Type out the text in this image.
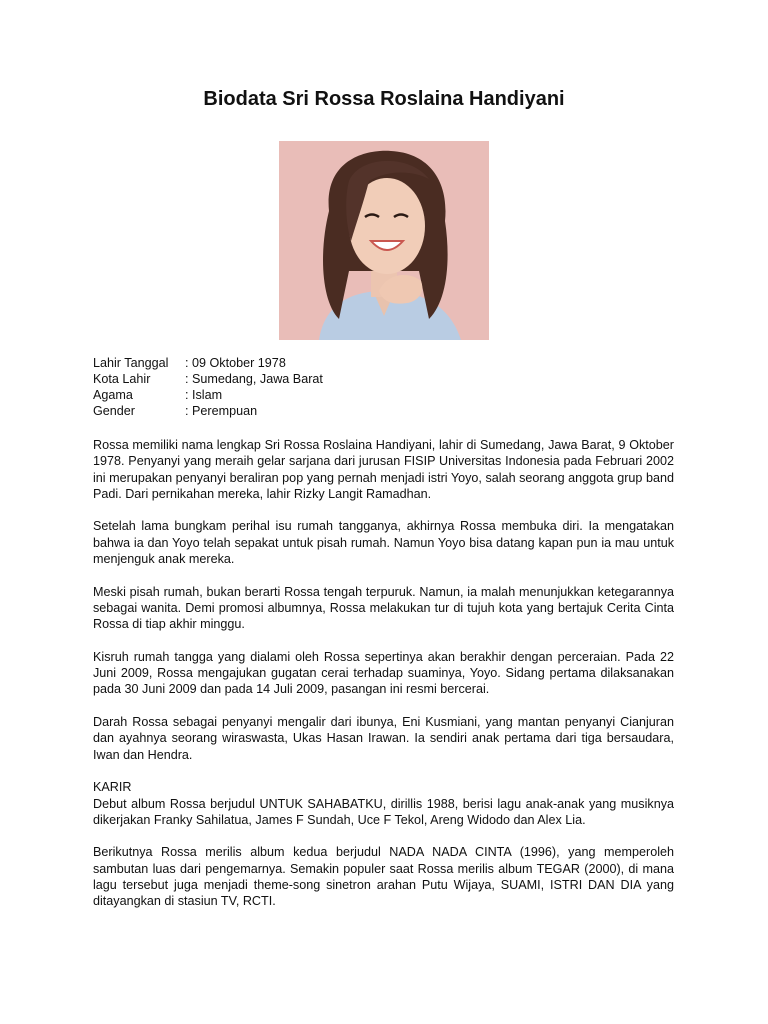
Biodata Sri Rossa Roslaina Handiyani
Lahir Tanggal	: 09 Oktober 1978
Kota Lahir	: Sumedang, Jawa Barat
Agama	: Islam
Gender	: Perempuan

Rossa memiliki nama lengkap Sri Rossa Roslaina Handiyani, lahir di Sumedang, Jawa Barat, 9 Oktober 1978. Penyanyi yang meraih gelar sarjana dari jurusan FISIP Universitas Indonesia pada Februari 2002 ini merupakan penyanyi beraliran pop yang pernah menjadi istri Yoyo, salah seorang anggota grup band Padi. Dari pernikahan mereka, lahir Rizky Langit Ramadhan.

Setelah lama bungkam perihal isu rumah tangganya, akhirnya Rossa membuka diri. Ia mengatakan bahwa ia dan Yoyo telah sepakat untuk pisah rumah. Namun Yoyo bisa datang kapan pun ia mau untuk menjenguk anak mereka.

Meski pisah rumah, bukan berarti Rossa tengah terpuruk. Namun, ia malah menunjukkan ketegarannya sebagai wanita. Demi promosi albumnya, Rossa melakukan tur di tujuh kota yang bertajuk Cerita Cinta Rossa di tiap akhir minggu.

Kisruh rumah tangga yang dialami oleh Rossa sepertinya akan berakhir dengan perceraian. Pada 22 Juni 2009, Rossa mengajukan gugatan cerai terhadap suaminya, Yoyo. Sidang pertama dilaksanakan pada 30 Juni 2009 dan pada 14 Juli 2009, pasangan ini resmi bercerai.

Darah Rossa sebagai penyanyi mengalir dari ibunya, Eni Kusmiani, yang mantan penyanyi Cianjuran dan ayahnya seorang wiraswasta, Ukas Hasan Irawan. Ia sendiri anak pertama dari tiga bersaudara, Iwan dan Hendra.

KARIR

Debut album Rossa berjudul UNTUK SAHABATKU, dirillis 1988, berisi lagu anak-anak yang musiknya dikerjakan Franky Sahilatua, James F Sundah, Uce F Tekol, Areng Widodo dan Alex Lia.

Berikutnya Rossa merilis album kedua berjudul NADA NADA CINTA (1996), yang memperoleh sambutan luas dari pengemarnya. Semakin populer saat Rossa merilis album TEGAR (2000), di mana lagu tersebut juga menjadi theme-song sinetron arahan Putu Wijaya, SUAMI, ISTRI DAN DIA yang ditayangkan di stasiun TV, RCTI.
